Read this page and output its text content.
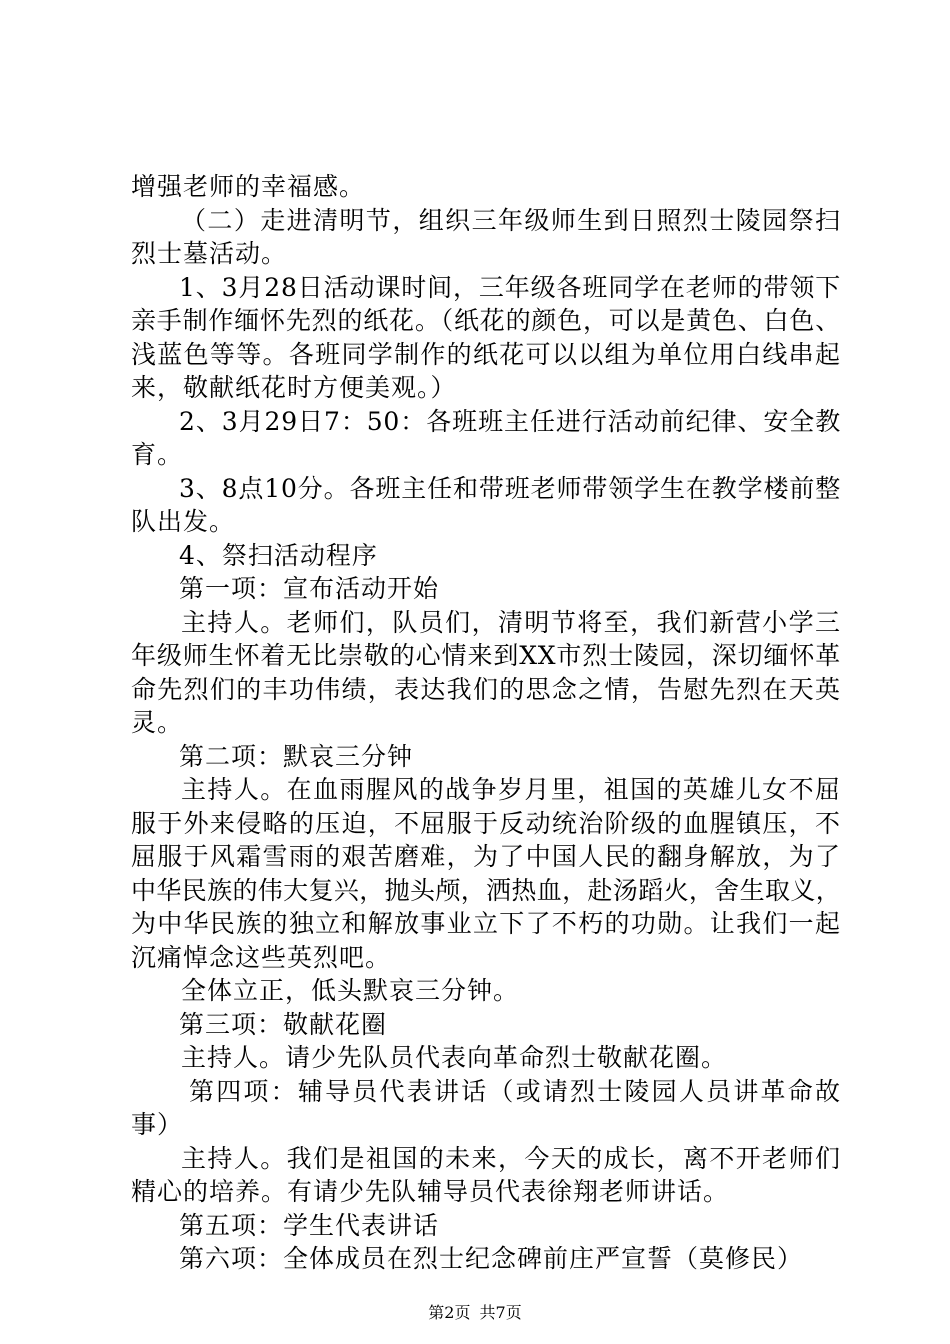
增强老师的幸福感。
（二）走进清明节，组织三年级师生到日照烈士陵园祭扫
烈士墓活动。
1、3月28日活动课时间，三年级各班同学在老师的带领下
亲手制作缅怀先烈的纸花。（纸花的颜色，可以是黄色、白色、
浅蓝色等等。各班同学制作的纸花可以以组为单位用白线串起
来，敬献纸花时方便美观。）
2、3月29日7：50：各班班主任进行活动前纪律、安全教
育。
3、8点10分。各班主任和带班老师带领学生在教学楼前整
队出发。
4、祭扫活动程序
第一项：宣布活动开始
主持人。老师们，队员们，清明节将至，我们新营小学三
年级师生怀着无比崇敬的心情来到XX市烈士陵园，深切缅怀革
命先烈们的丰功伟绩，表达我们的思念之情，告慰先烈在天英
灵。
第二项：默哀三分钟
主持人。在血雨腥风的战争岁月里，祖国的英雄儿女不屈
服于外来侵略的压迫，不屈服于反动统治阶级的血腥镇压，不
屈服于风霜雪雨的艰苦磨难，为了中国人民的翻身解放，为了
中华民族的伟大复兴，抛头颅，洒热血，赴汤蹈火，舍生取义，
为中华民族的独立和解放事业立下了不朽的功勋。让我们一起
沉痛悼念这些英烈吧。
全体立正，低头默哀三分钟。
第三项：敬献花圈
主持人。请少先队员代表向革命烈士敬献花圈。
第四项：辅导员代表讲话（或请烈士陵园人员讲革命故
事）
主持人。我们是祖国的未来，今天的成长，离不开老师们
精心的培养。有请少先队辅导员代表徐翔老师讲话。
第五项：学生代表讲话
第六项：全体成员在烈士纪念碑前庄严宣誓（莫修民）
第2页 共7页
